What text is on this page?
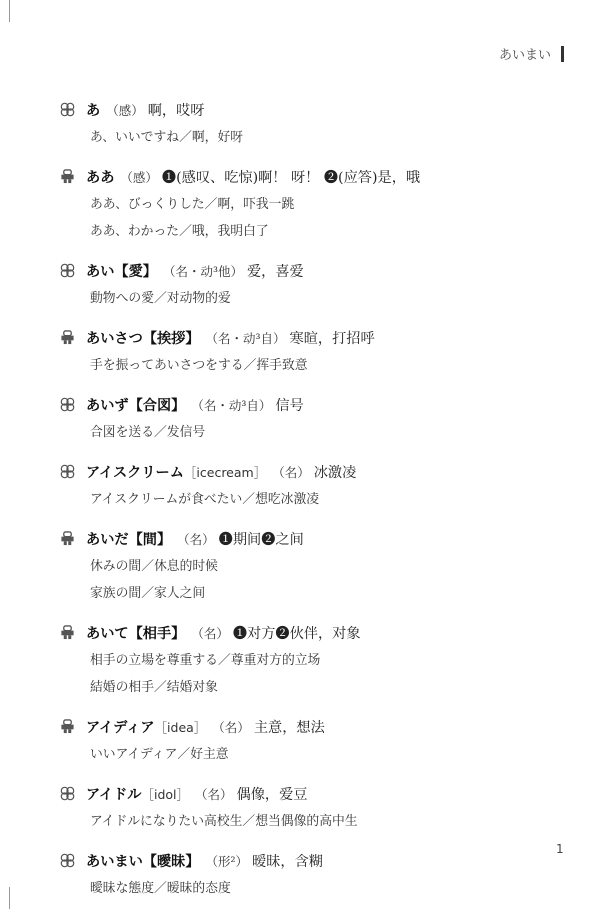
あいまい
あ （感） 啊，哎呀
あ、いいですね／啊，好呀
ああ （感） ❶(感叹、吃惊)啊！ 呀！ ❷(应答)是，哦
ああ、びっくりした／啊，吓我一跳
ああ、わかった／哦，我明白了
あい【愛】 （名・动³他） 爱，喜爱
動物への愛／对动物的爱
あいさつ【挨拶】 （名・动³自） 寒暄，打招呼
手を振ってあいさつをする／挥手致意
あいず【合図】 （名・动³自） 信号
合図を送る／发信号
アイスクリーム ［icecream］ （名） 冰激凌
アイスクリームが食べたい／想吃冰激凌
あいだ【間】 （名） ❶期间❷之间
休みの間／休息的时候
家族の間／家人之间
あいて【相手】 （名） ❶对方❷伙伴，对象
相手の立場を尊重する／尊重对方的立场
結婚の相手／结婚对象
アイディア ［idea］ （名） 主意，想法
いいアイディア／好主意
アイドル ［idol］ （名） 偶像，爱豆
アイドルになりたい高校生／想当偶像的高中生
あいまい【曖昧】 （形²） 暧昧，含糊
曖昧な態度／暧昧的态度
1
